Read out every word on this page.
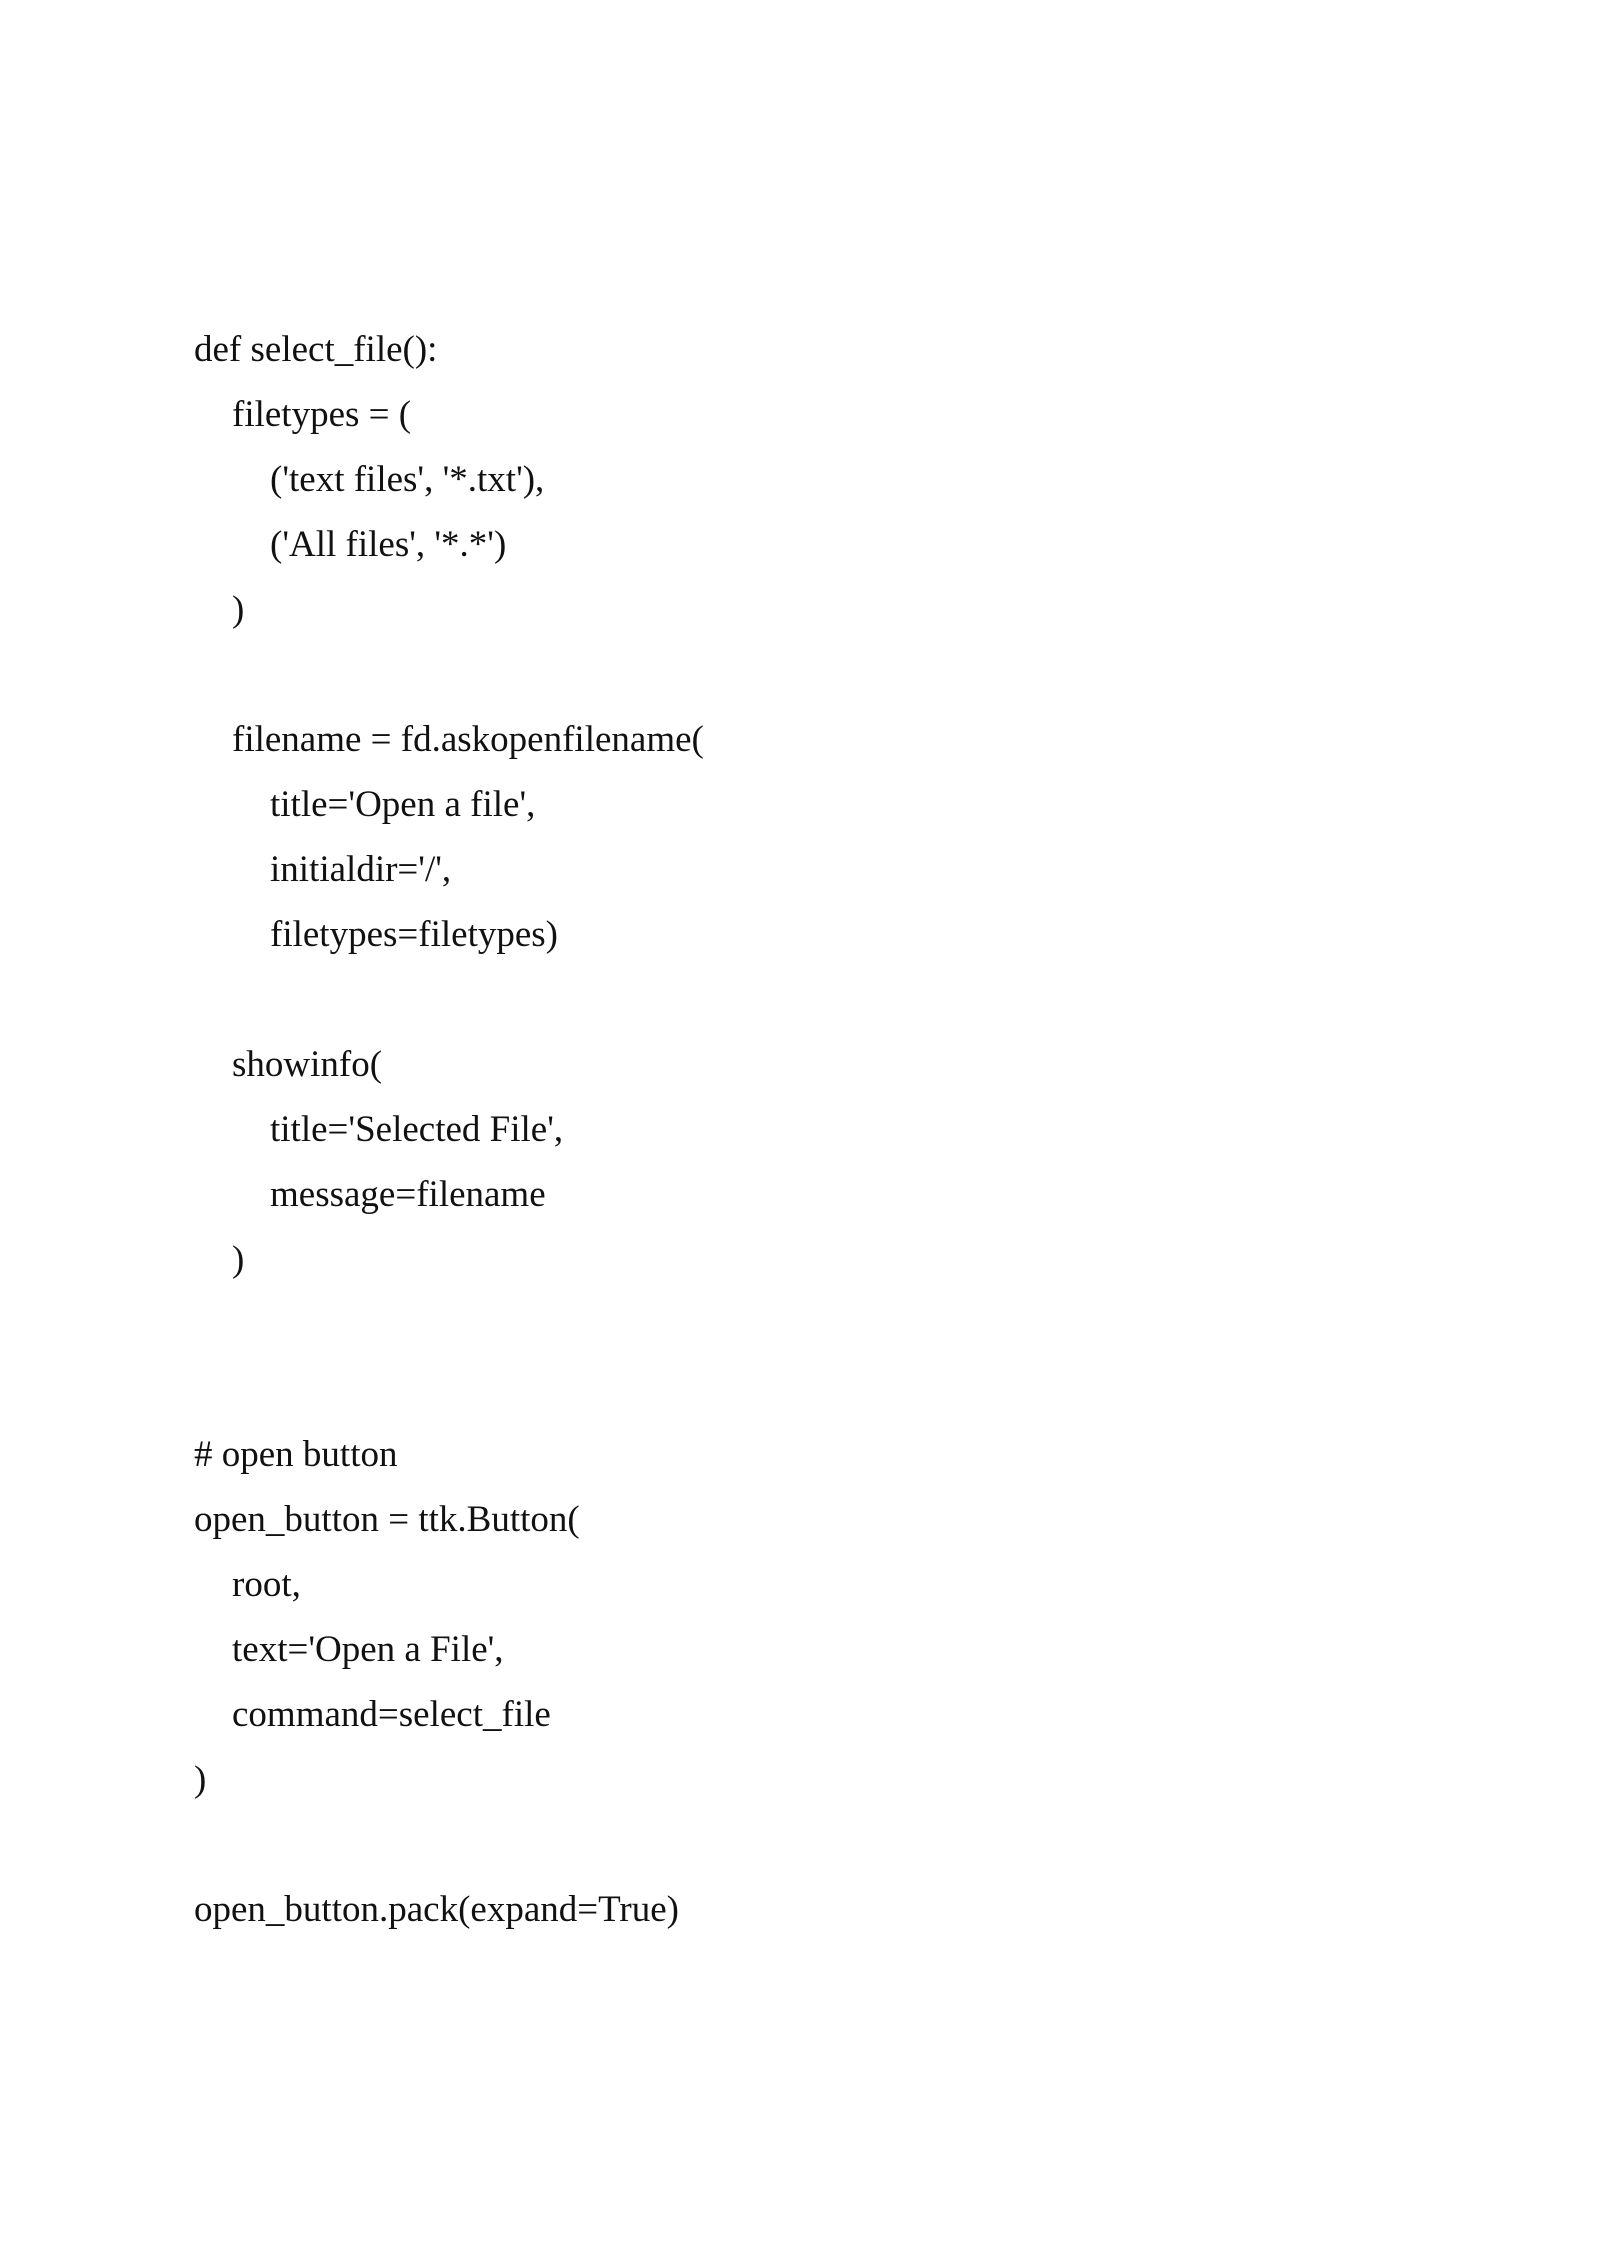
def select_file():
filetypes = (
('text files', '*.txt'),
('All files', '*.*')
)
filename = fd.askopenfilename(
title='Open a file',
initialdir='/',
filetypes=filetypes)
showinfo(
title='Selected File',
message=filename
)
# open button
open_button = ttk.Button(
root,
text='Open a File',
command=select_file
)
open_button.pack(expand=True)
